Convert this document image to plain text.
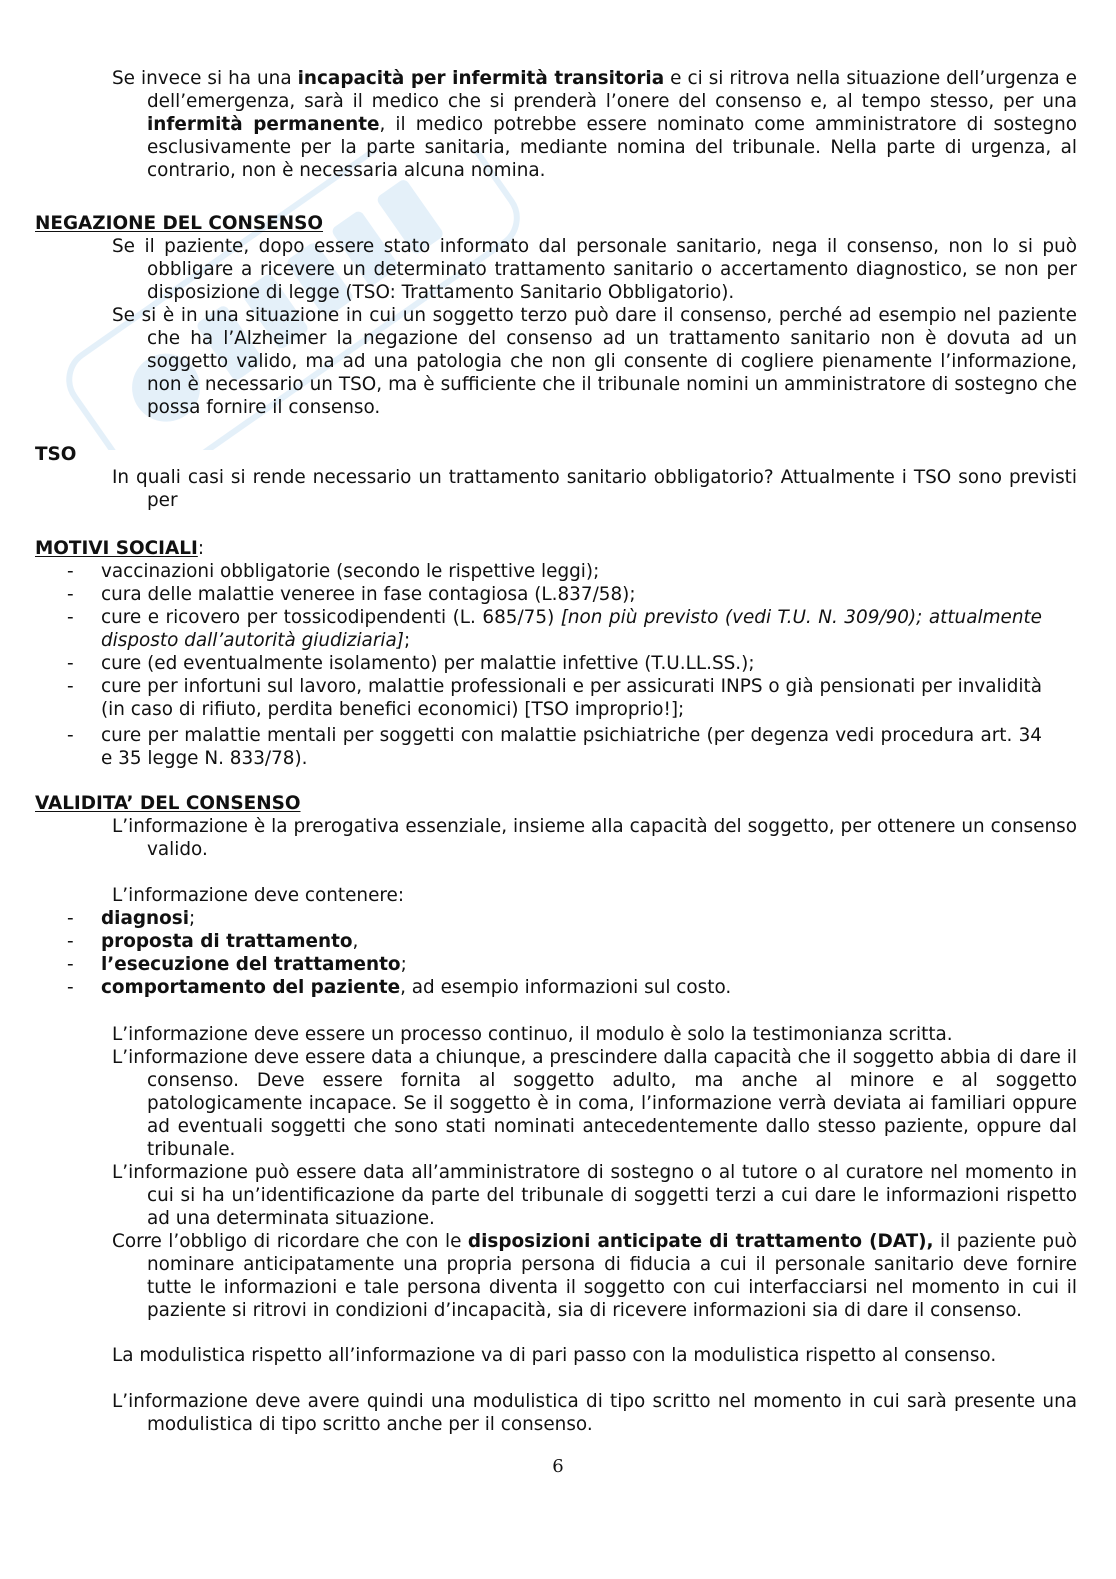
Se invece si ha una incapacità per infermità transitoria e ci si ritrova nella situazione dell’urgenza e dell’emergenza, sarà il medico che si prenderà l’onere del consenso e, al tempo stesso, per una infermità permanente, il medico potrebbe essere nominato come amministratore di sostegno esclusivamente per la parte sanitaria, mediante nomina del tribunale. Nella parte di urgenza, al contrario, non è necessaria alcuna nomina.

NEGAZIONE DEL CONSENSO

Se il paziente, dopo essere stato informato dal personale sanitario, nega il consenso, non lo si può obbligare a ricevere un determinato trattamento sanitario o accertamento diagnostico, se non per disposizione di legge (TSO: Trattamento Sanitario Obbligatorio).

Se si è in una situazione in cui un soggetto terzo può dare il consenso, perché ad esempio nel paziente che ha l’Alzheimer la negazione del consenso ad un trattamento sanitario non è dovuta ad un soggetto valido, ma ad una patologia che non gli consente di cogliere pienamente l’informazione, non è necessario un TSO, ma è sufficiente che il tribunale nomini un amministratore di sostegno che possa fornire il consenso.

TSO

In quali casi si rende necessario un trattamento sanitario obbligatorio? Attualmente i TSO sono previsti per

MOTIVI SOCIALI:
- vaccinazioni obbligatorie (secondo le rispettive leggi);
- cura delle malattie veneree in fase contagiosa (L.837/58);
- cure e ricovero per tossicodipendenti (L. 685/75) [non più previsto (vedi T.U. N. 309/90); attualmente disposto dall’autorità giudiziaria];
- cure (ed eventualmente isolamento) per malattie infettive (T.U.LL.SS.);
- cure per infortuni sul lavoro, malattie professionali e per assicurati INPS o già pensionati per invalidità (in caso di rifiuto, perdita benefici economici) [TSO improprio!];
- cure per malattie mentali per soggetti con malattie psichiatriche (per degenza vedi procedura art. 34 e 35 legge N. 833/78).
VALIDITA’ DEL CONSENSO

L’informazione è la prerogativa essenziale, insieme alla capacità del soggetto, per ottenere un consenso valido.

L’informazione deve contenere:

- diagnosi;
- proposta di trattamento,
- l’esecuzione del trattamento;
- comportamento del paziente, ad esempio informazioni sul costo.

L’informazione deve essere un processo continuo, il modulo è solo la testimonianza scritta.

L’informazione deve essere data a chiunque, a prescindere dalla capacità che il soggetto abbia di dare il consenso. Deve essere fornita al soggetto adulto, ma anche al minore e al soggetto patologicamente incapace. Se il soggetto è in coma, l’informazione verrà deviata ai familiari oppure ad eventuali soggetti che sono stati nominati antecedentemente dallo stesso paziente, oppure dal tribunale.

L’informazione può essere data all’amministratore di sostegno o al tutore o al curatore nel momento in cui si ha un’identificazione da parte del tribunale di soggetti terzi a cui dare le informazioni rispetto ad una determinata situazione.

Corre l’obbligo di ricordare che con le disposizioni anticipate di trattamento (DAT), il paziente può nominare anticipatamente una propria persona di fiducia a cui il personale sanitario deve fornire tutte le informazioni e tale persona diventa il soggetto con cui interfacciarsi nel momento in cui il paziente si ritrovi in condizioni d’incapacità, sia di ricevere informazioni sia di dare il consenso.

La modulistica rispetto all’informazione va di pari passo con la modulistica rispetto al consenso.

L’informazione deve avere quindi una modulistica di tipo scritto nel momento in cui sarà presente una modulistica di tipo scritto anche per il consenso.

6
